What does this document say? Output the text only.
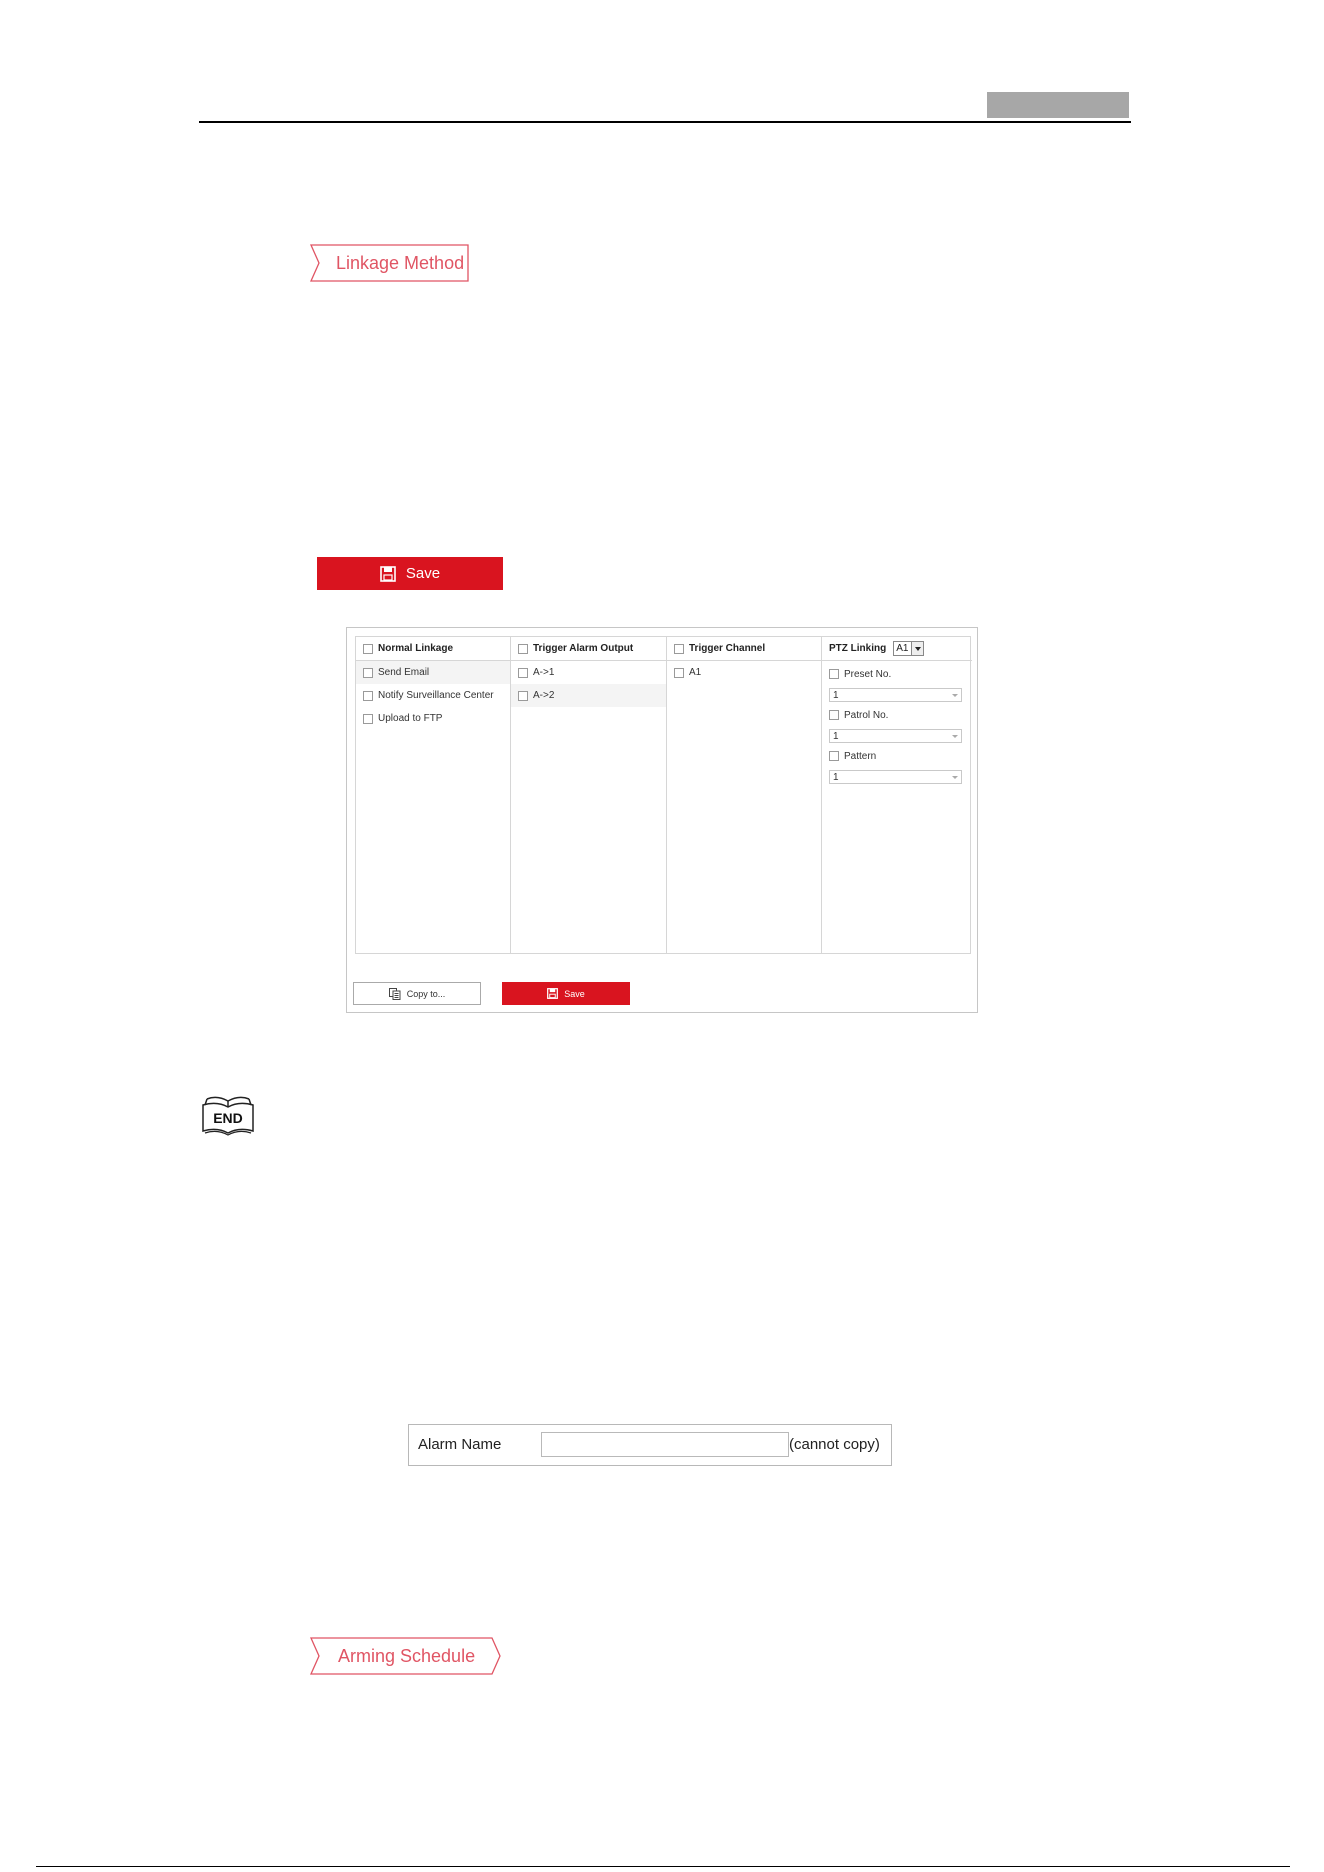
Linkage Method
Save
Normal Linkage
Send Email
Notify Surveillance Center
Upload to FTP
Trigger Alarm Output
A->1
A->2
Trigger Channel
A1
PTZ Linking A1
Preset No.
1
Patrol No.
1
Pattern
1
Copy to...	Save
END
Alarm Name	(cannot copy)
Arming Schedule
